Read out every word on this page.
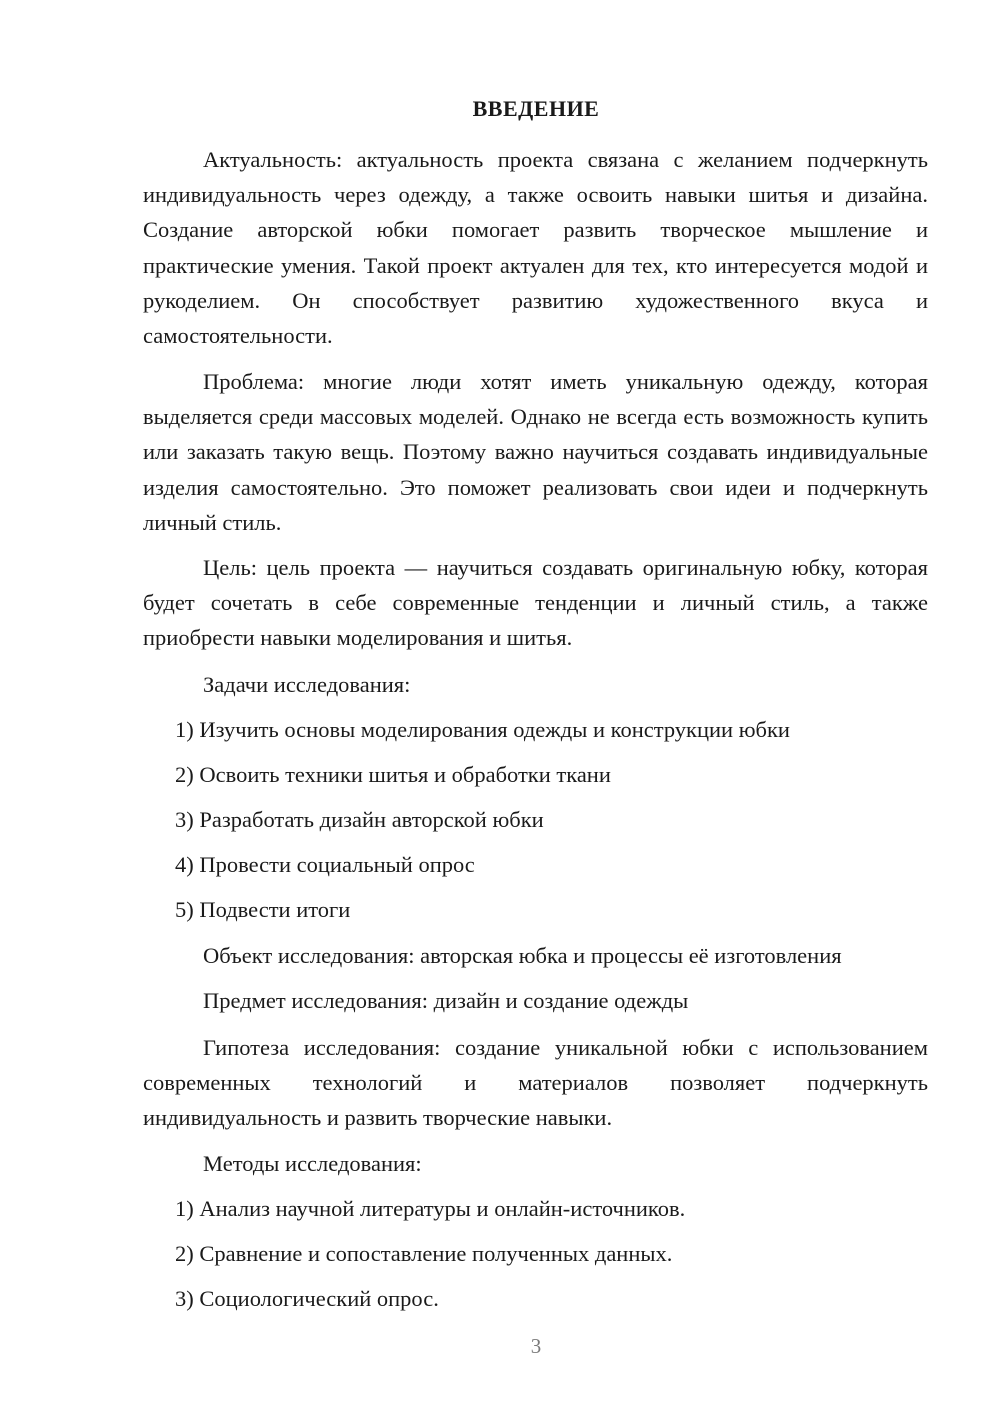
ВВЕДЕНИЕ

Актуальность: актуальность проекта связана с желанием подчеркнуть индивидуальность через одежду, а также освоить навыки шитья и дизайна. Создание авторской юбки помогает развить творческое мышление и практические умения. Такой проект актуален для тех, кто интересуется модой и рукоделием. Он способствует развитию художественного вкуса и самостоятельности.

Проблема: многие люди хотят иметь уникальную одежду, которая выделяется среди массовых моделей. Однако не всегда есть возможность купить или заказать такую вещь. Поэтому важно научиться создавать индивидуальные изделия самостоятельно. Это поможет реализовать свои идеи и подчеркнуть личный стиль.

Цель: цель проекта — научиться создавать оригинальную юбку, которая будет сочетать в себе современные тенденции и личный стиль, а также приобрести навыки моделирования и шитья.

Задачи исследования:

1) Изучить основы моделирования одежды и конструкции юбки

2) Освоить техники шитья и обработки ткани

3) Разработать дизайн авторской юбки

4) Провести социальный опрос

5) Подвести итоги

Объект исследования: авторская юбка и процессы её изготовления

Предмет исследования: дизайн и создание одежды

Гипотеза исследования: создание уникальной юбки с использованием современных технологий и материалов позволяет подчеркнуть индивидуальность и развить творческие навыки.

Методы исследования:

1) Анализ научной литературы и онлайн-источников.

2) Сравнение и сопоставление полученных данных.

3) Социологический опрос.

3
